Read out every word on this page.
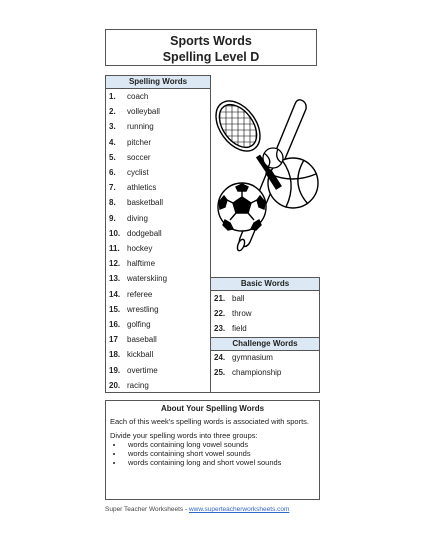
Sports Words
Spelling Level D
Spelling Words
1. coach
2. volleyball
3. running
4. pitcher
5. soccer
6. cyclist
7. athletics
8. basketball
9. diving
10. dodgeball
11. hockey
12. halftime
13. waterskiing
14. referee
15. wrestling
16. golfing
17 baseball
18. kickball
19. overtime
20. racing
Basic Words
Challenge Words
21. ball
22. throw
23. field
24. gymnasium
25. championship
About Your Spelling Words
Each of this week's spelling words is associated with sports.
Divide your spelling words into three groups:
• words containing long vowel sounds
• words containing short vowel sounds
• words containing long and short vowel sounds
Super Teacher Worksheets - www.superteacherworksheets.com
